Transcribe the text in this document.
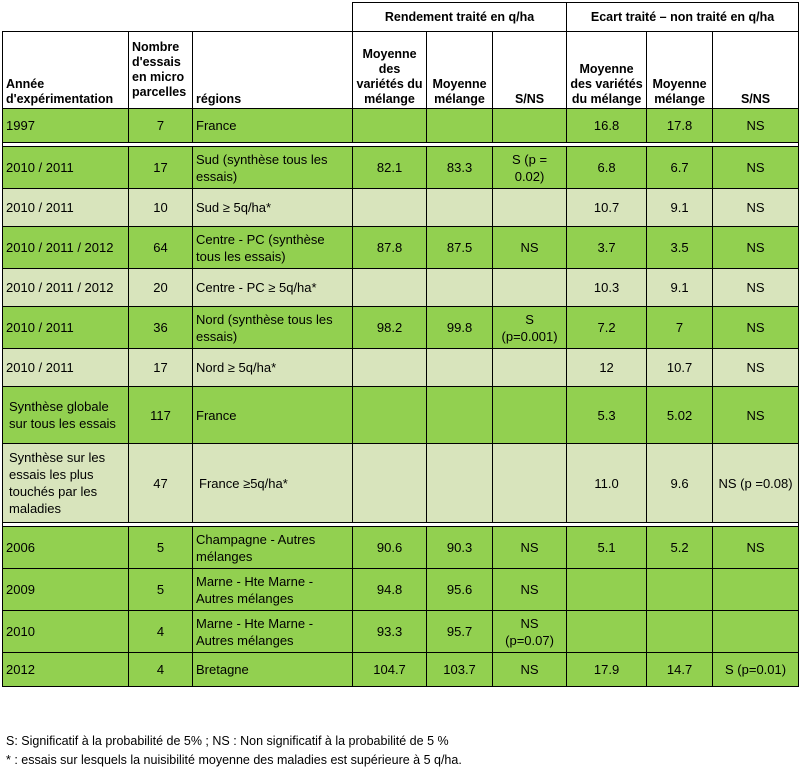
			Rendement traité en q/ha			Ecart traité – non traité en q/ha		
Année d'expérimentation	Nombre d'essais en micro parcelles	régions	Moyenne des variétés du mélange	Moyenne mélange	S/NS	Moyenne des variétés du mélange	Moyenne mélange	S/NS
1997	7	France				16.8	17.8	NS

2010 / 2011	17	Sud (synthèse tous les essais)	82.1	83.3	S (p = 0.02)	6.8	6.7	NS
2010 / 2011	10	Sud ≥ 5q/ha*				10.7	9.1	NS
2010 / 2011 / 2012	64	Centre - PC (synthèse tous les essais)	87.8	87.5	NS	3.7	3.5	NS
2010 / 2011 / 2012	20	Centre - PC ≥ 5q/ha*				10.3	9.1	NS
2010 / 2011	36	Nord (synthèse tous les essais)	98.2	99.8	S (p=0.001)	7.2	7	NS
2010 / 2011	17	Nord ≥ 5q/ha*				12	10.7	NS
Synthèse globale sur tous les essais	117	France				5.3	5.02	NS
Synthèse sur les essais les plus touchés par les maladies	47	France ≥5q/ha*				11.0	9.6	NS (p =0.08)

2006	5	Champagne - Autres mélanges	90.6	90.3	NS	5.1	5.2	NS
2009	5	Marne - Hte Marne - Autres mélanges	94.8	95.6	NS			
2010	4	Marne - Hte Marne - Autres mélanges	93.3	95.7	NS (p=0.07)			
2012	4	Bretagne	104.7	103.7	NS	17.9	14.7	S (p=0.01)
S: Significatif à la probabilité de 5% ; NS : Non significatif à la probabilité de 5 %
* : essais sur lesquels la nuisibilité moyenne des maladies est supérieure à 5 q/ha.
